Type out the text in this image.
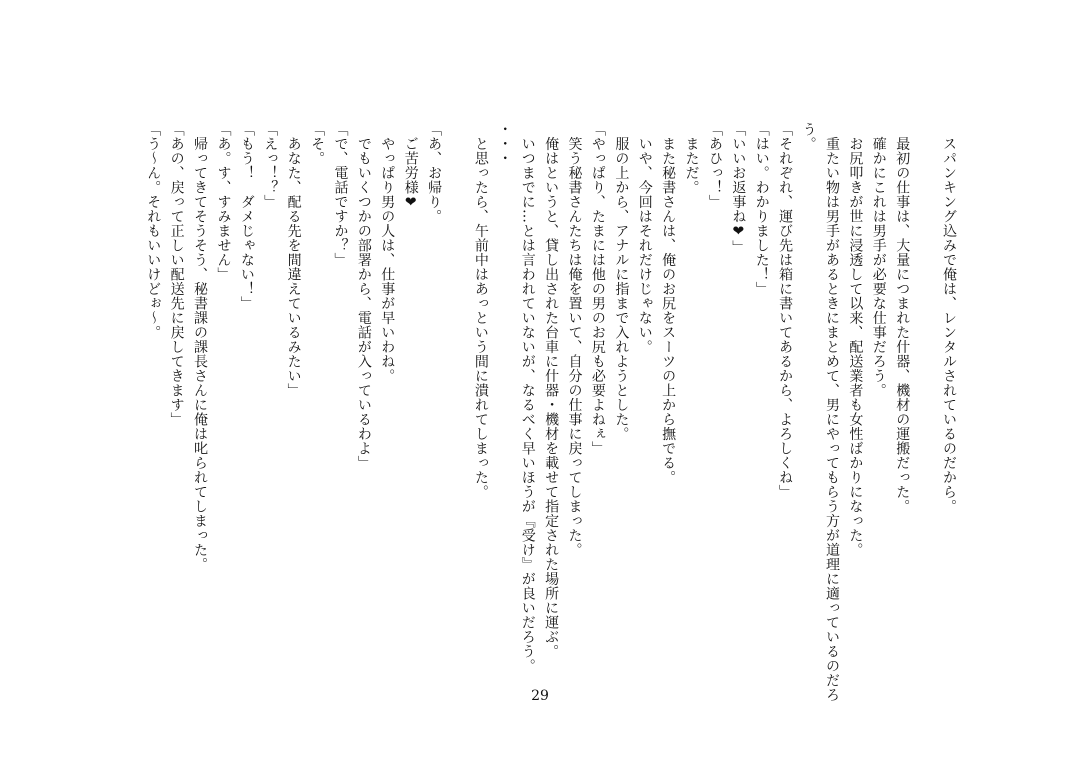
　スパンキング込みで俺は、レンタルされているのだから。
　最初の仕事は、大量につまれた什器、機材の運搬だった。
　確かにこれは男手が必要な仕事だろう。
　お尻叩きが世に浸透して以来、配送業者も女性ばかりになった。
　重たい物は男手があるときにまとめて、男にやってもらう方が道理に適っているのだろ
う。
「それぞれ、運び先は箱に書いてあるから、よろしくね」
「はい。わかりました！」
「いいお返事ね❤」
「あひっ！」
　まただ。
　また秘書さんは、俺のお尻をスーツの上から撫でる。
　いや、今回はそれだけじゃない。
　服の上から、アナルに指まで入れようとした。
「やっぱり、たまには他の男のお尻も必要よねぇ」
　笑う秘書さんたちは俺を置いて、自分の仕事に戻ってしまった。
　俺はというと、貸し出された台車に什器・機材を載せて指定された場所に運ぶ。
　いつまでに…とは言われていないが、なるべく早いほうが『受け』が良いだろう。
・・・
　と思ったら、午前中はあっという間に潰れてしまった。
「あ、お帰り。
　ご苦労様❤
　やっぱり男の人は、仕事が早いわね。
　でもいくつかの部署から、電話が入っているわよ」
「で、電話ですか？」
「そ。
　あなた、配る先を間違えているみたい」
「えっ！？」
「もう！　ダメじゃない！」
「あ。す、すみません」
　帰ってきてそうそう、秘書課の課長さんに俺は叱られてしまった。
「あの、戻って正しい配送先に戻してきます」
「う～ん。それもいいけどぉ～。
29
